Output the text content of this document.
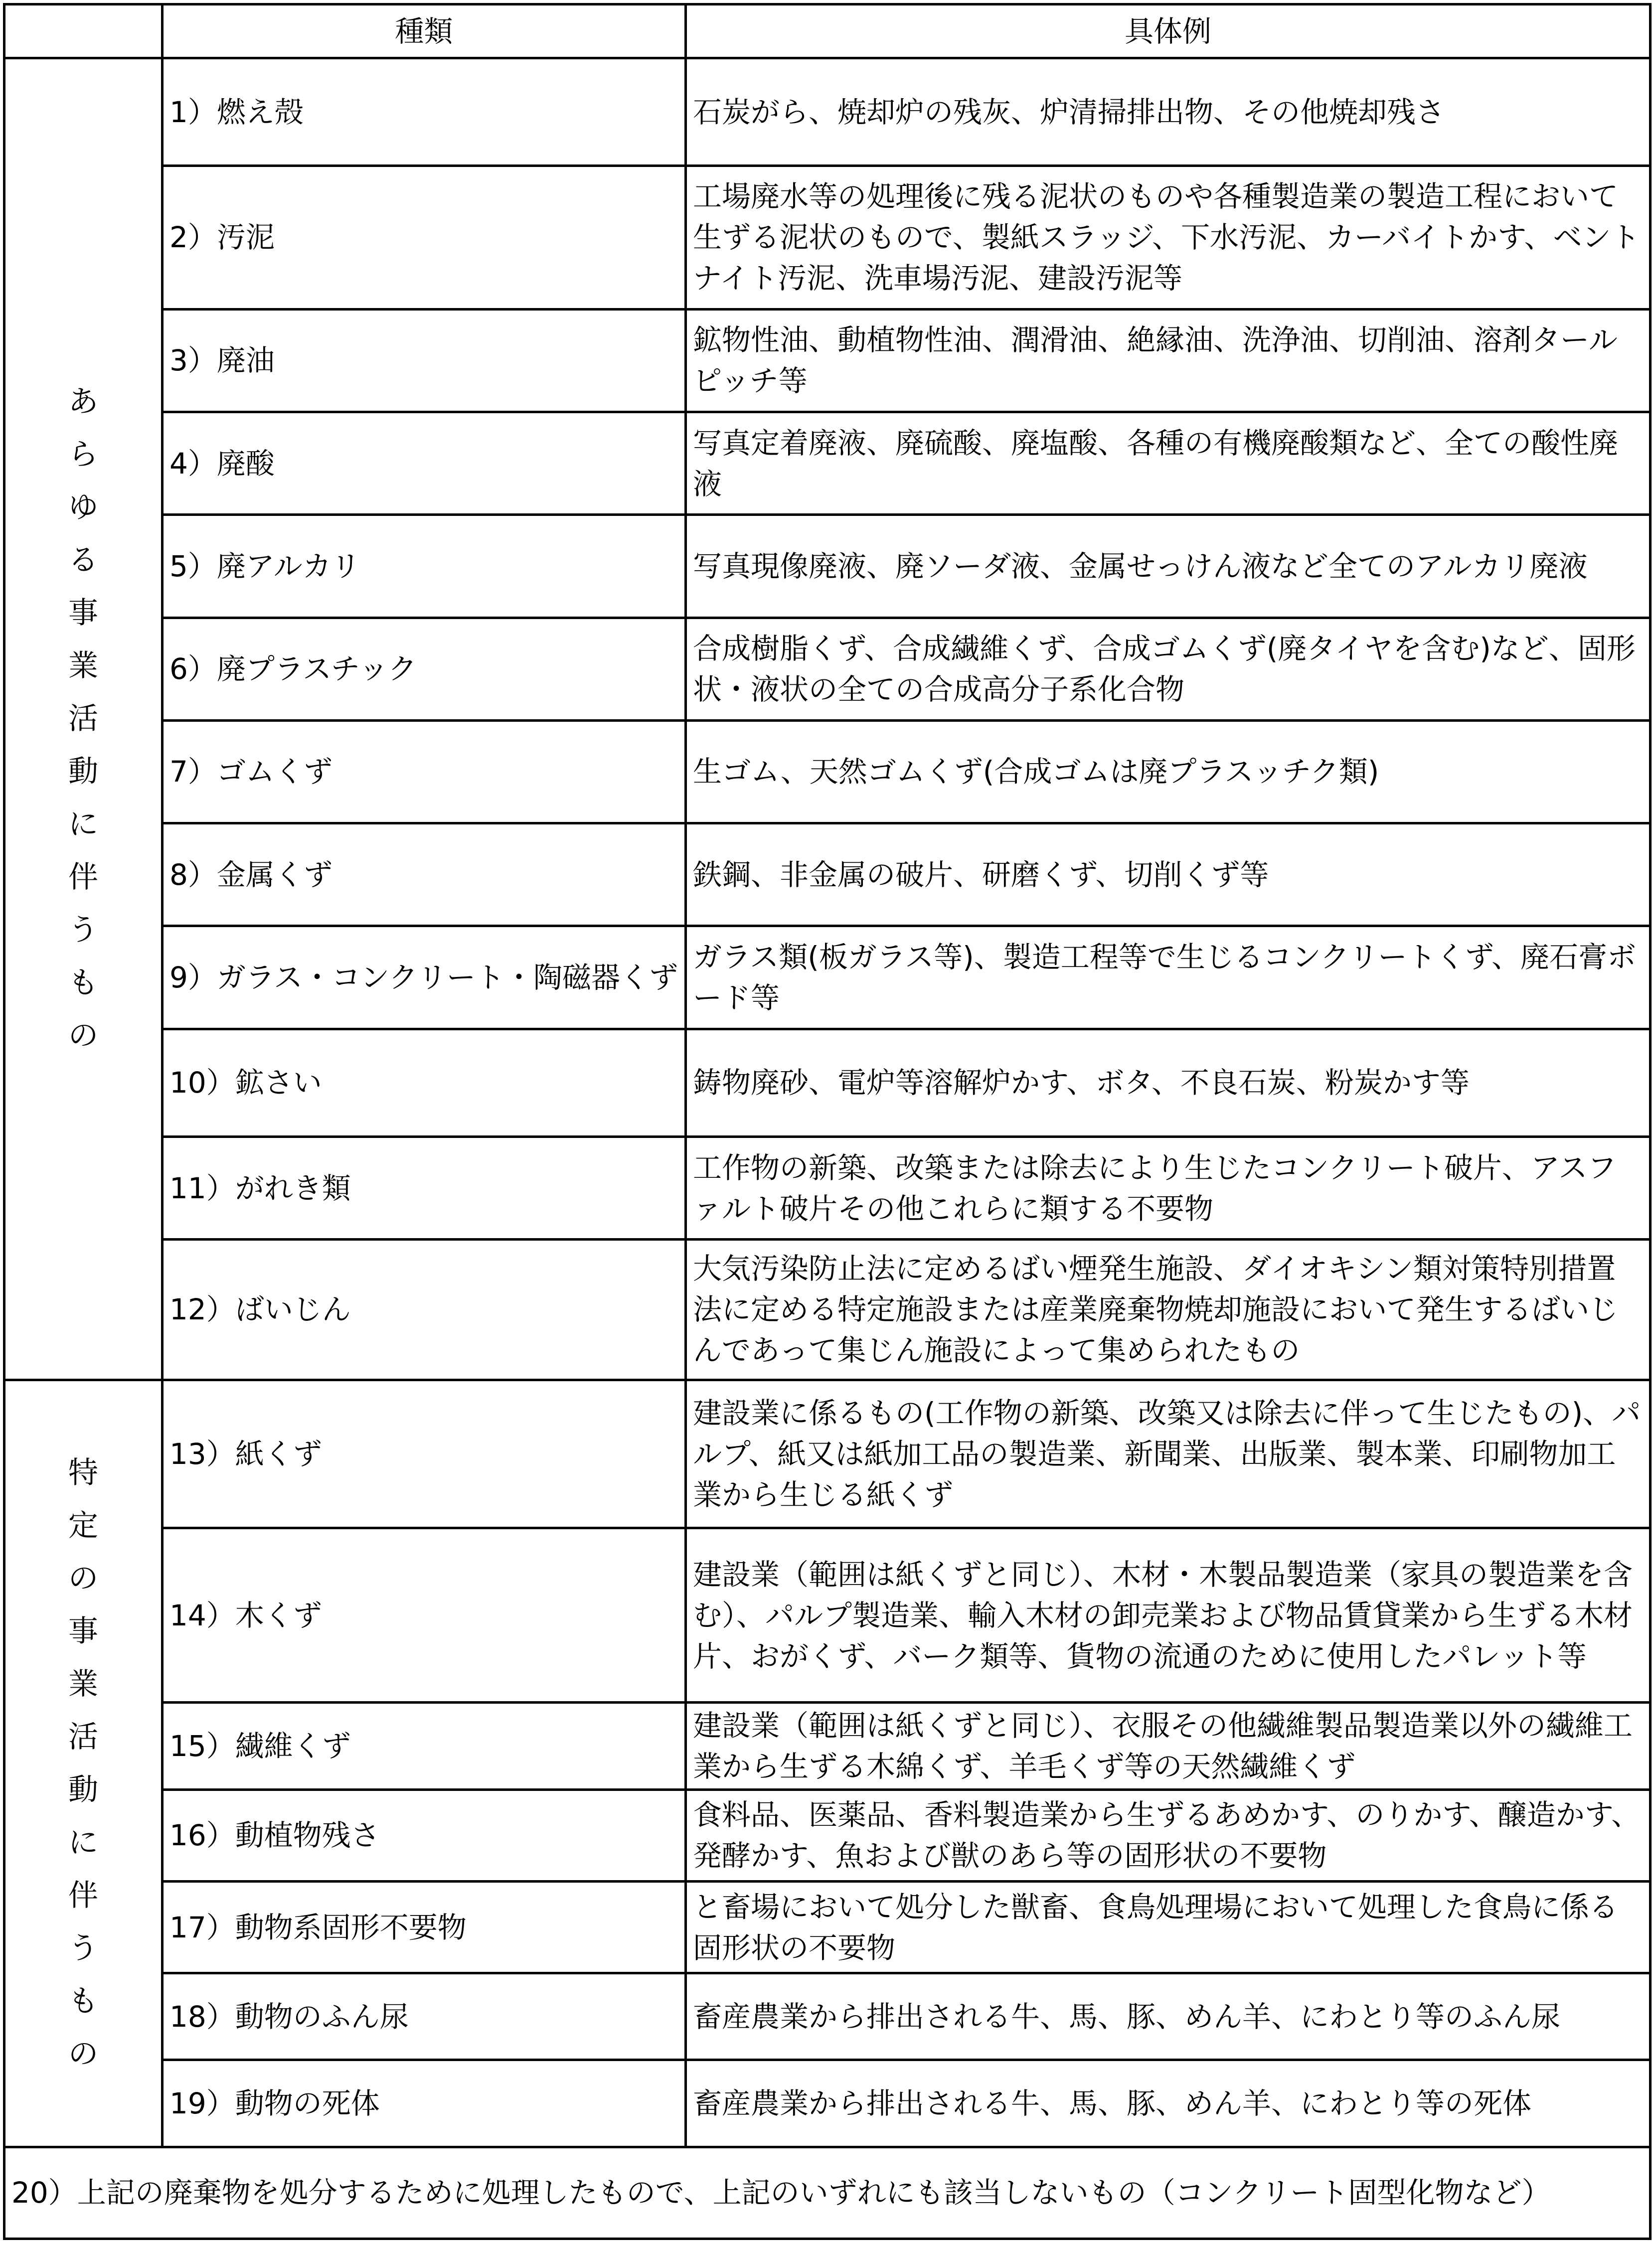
	種類	具体例

あらゆる事業活動に伴うもの	1）燃え殻	石炭がら、焼却炉の残灰、炉清掃排出物、その他焼却残さ
	2）汚泥	工場廃水等の処理後に残る泥状のものや各種製造業の製造工程において生ずる泥状のもので、製紙スラッジ、下水汚泥、カーバイトかす、ベントナイト汚泥、洗車場汚泥、建設汚泥等
	3）廃油	鉱物性油、動植物性油、潤滑油、絶縁油、洗浄油、切削油、溶剤タールピッチ等
	4）廃酸	写真定着廃液、廃硫酸、廃塩酸、各種の有機廃酸類など、全ての酸性廃液
	5）廃アルカリ	写真現像廃液、廃ソーダ液、金属せっけん液など全てのアルカリ廃液
	6）廃プラスチック	合成樹脂くず、合成繊維くず、合成ゴムくず(廃タイヤを含む)など、固形状・液状の全ての合成高分子系化合物
	7）ゴムくず	生ゴム、天然ゴムくず(合成ゴムは廃プラスッチク類)
	8）金属くず	鉄鋼、非金属の破片、研磨くず、切削くず等
	9）ガラス・コンクリート・陶磁器くず	ガラス類(板ガラス等)、製造工程等で生じるコンクリートくず、廃石膏ボード等
	10）鉱さい	鋳物廃砂、電炉等溶解炉かす、ボタ、不良石炭、粉炭かす等
	11）がれき類	工作物の新築、改築または除去により生じたコンクリート破片、アスファルト破片その他これらに類する不要物
	12）ばいじん	大気汚染防止法に定めるばい煙発生施設、ダイオキシン類対策特別措置法に定める特定施設または産業廃棄物焼却施設において発生するばいじんであって集じん施設によって集められたもの

特定の事業活動に伴うもの	13）紙くず	建設業に係るもの(工作物の新築、改築又は除去に伴って生じたもの)、パルプ、紙又は紙加工品の製造業、新聞業、出版業、製本業、印刷物加工業から生じる紙くず
	14）木くず	建設業（範囲は紙くずと同じ）、木材・木製品製造業（家具の製造業を含む）、パルプ製造業、輸入木材の卸売業および物品賃貸業から生ずる木材片、おがくず、バーク類等、貨物の流通のために使用したパレット等
	15）繊維くず	建設業（範囲は紙くずと同じ）、衣服その他繊維製品製造業以外の繊維工業から生ずる木綿くず、羊毛くず等の天然繊維くず
	16）動植物残さ	食料品、医薬品、香料製造業から生ずるあめかす、のりかす、醸造かす、発酵かす、魚および獣のあら等の固形状の不要物
	17）動物系固形不要物	と畜場において処分した獣畜、食鳥処理場において処理した食鳥に係る固形状の不要物
	18）動物のふん尿	畜産農業から排出される牛、馬、豚、めん羊、にわとり等のふん尿
	19）動物の死体	畜産農業から排出される牛、馬、豚、めん羊、にわとり等の死体
20）上記の廃棄物を処分するために処理したもので、上記のいずれにも該当しないもの（コンクリート固型化物など）		
